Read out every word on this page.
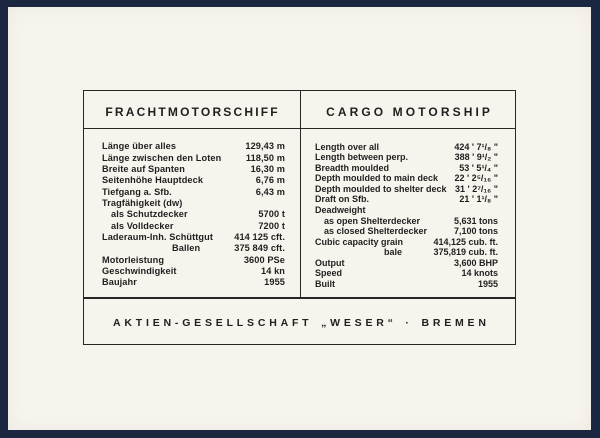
FRACHTMOTORSCHIFF	CARGO MOTORSHIP
Länge über alles	129,43 m
Länge zwischen den Loten	118,50 m
Breite auf Spanten	16,30 m
Seitenhöhe Hauptdeck	6,76 m
Tiefgang a. Sfb.	6,43 m
Tragfähigkeit (dw)
als Schutzdecker	5700 t
als Volldecker	7200 t
Laderaum-Inh. Schüttgut 414 125 cft.
Ballen	375 849 cft.
Motorleistung	3600 PSe
Geschwindigkeit	14 kn
Baujahr	1955
Length over all	424 ' 7¹/₈ "
Length between perp.	388 ' 9¹/₂ "
Breadth moulded	53 ' 5¹/₄ "
Depth moulded to main deck 22 ' 2⁵/₁₆ "
Depth moulded to shelter deck 31 ' 2⁷/₁₆ "
Draft on Sfb.	21 ' 1¹/₈ "
Deadweight
as open Shelterdecker	5,631 tons
as closed Shelterdecker	7,100 tons
Cubic capacity grain	414,125 cub. ft.
bale	375,819 cub. ft.
Output	3,600 BHP
Speed	14 knots
Built	1955
AKTIEN-GESELLSCHAFT „WESER“ · BREMEN
